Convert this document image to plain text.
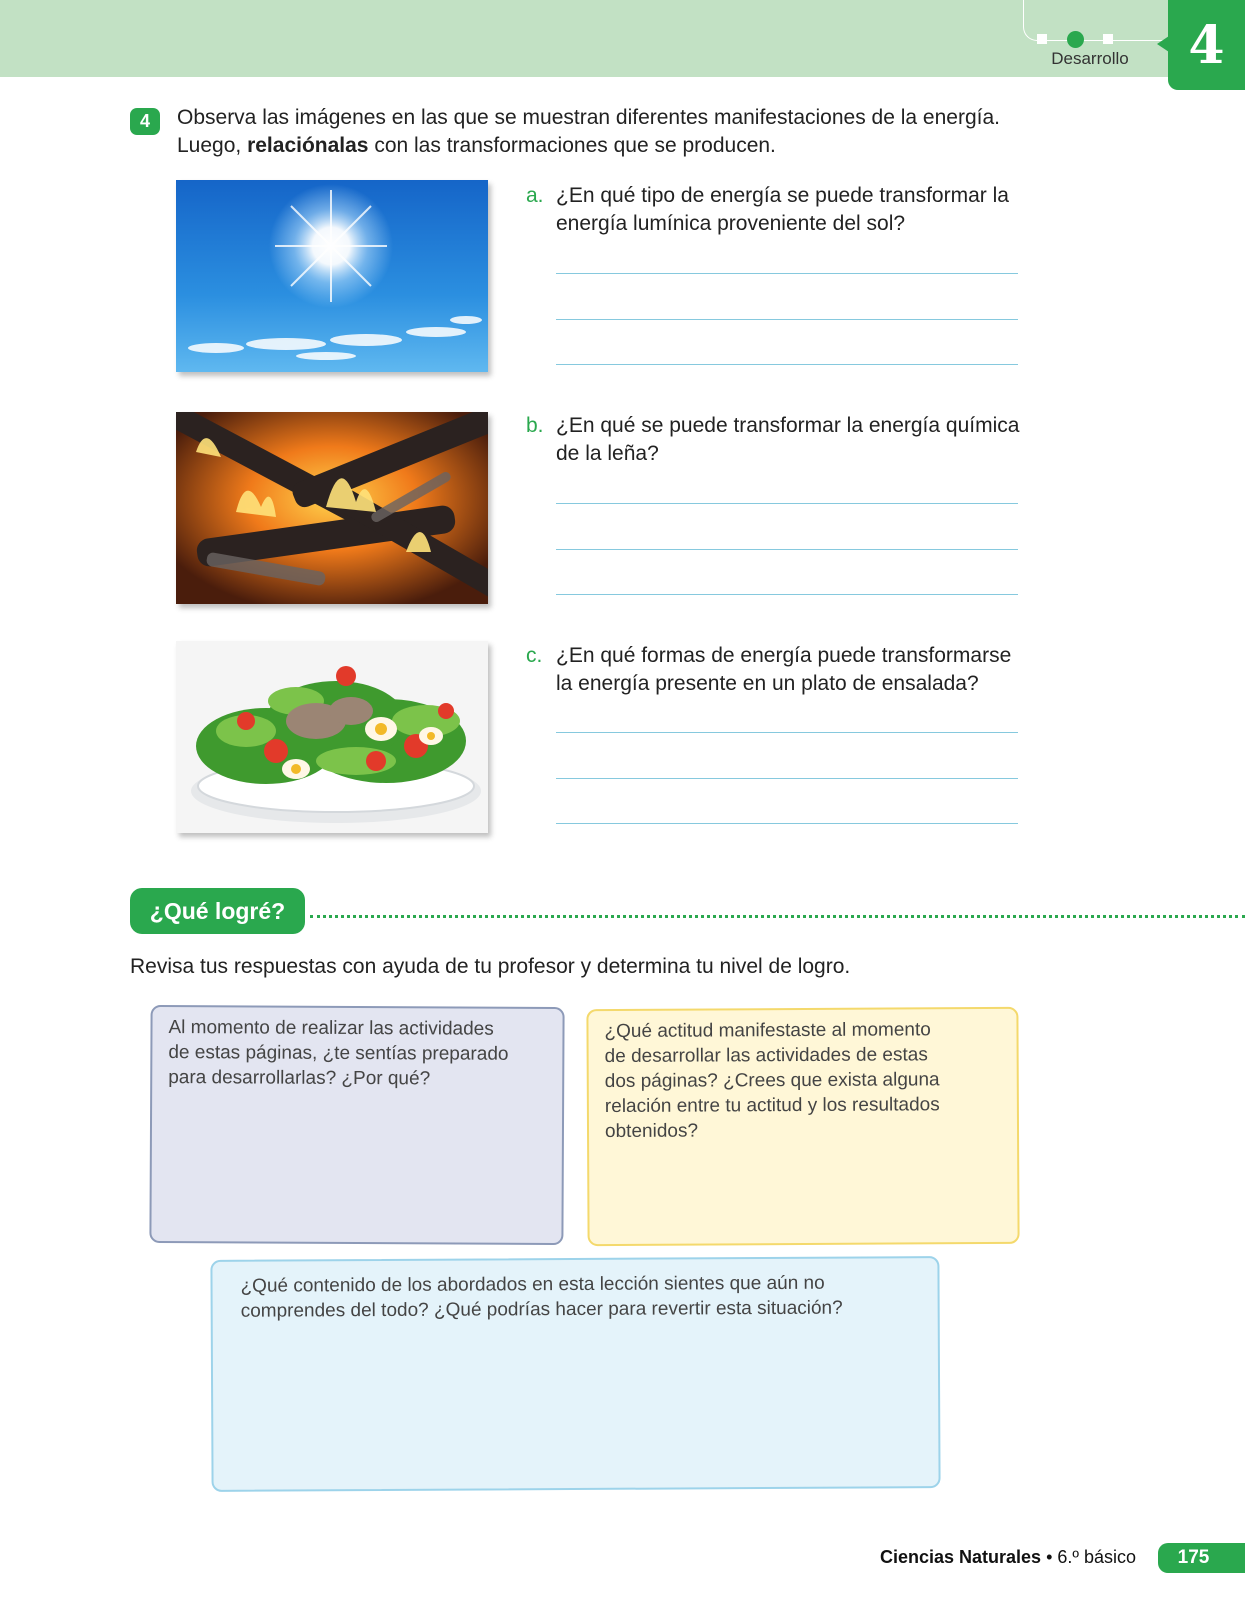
Desarrollo	4
4	Observa las imágenes en las que se muestran diferentes manifestaciones de la energía. Luego, relaciónalas con las transformaciones que se producen.
a. ¿En qué tipo de energía se puede transformar la energía lumínica proveniente del sol?
b. ¿En qué se puede transformar la energía química de la leña?
c. ¿En qué formas de energía puede transformarse la energía presente en un plato de ensalada?
¿Qué logré?
Revisa tus respuestas con ayuda de tu profesor y determina tu nivel de logro.
Al momento de realizar las actividades
de estas páginas, ¿te sentías preparado
para desarrollarlas? ¿Por qué?
¿Qué actitud manifestaste al momento
de desarrollar las actividades de estas
dos páginas? ¿Crees que exista alguna
relación entre tu actitud y los resultados
obtenidos?
¿Qué contenido de los abordados en esta lección sientes que aún no
comprendes del todo? ¿Qué podrías hacer para revertir esta situación?
Ciencias Naturales • 6.º básico	175
